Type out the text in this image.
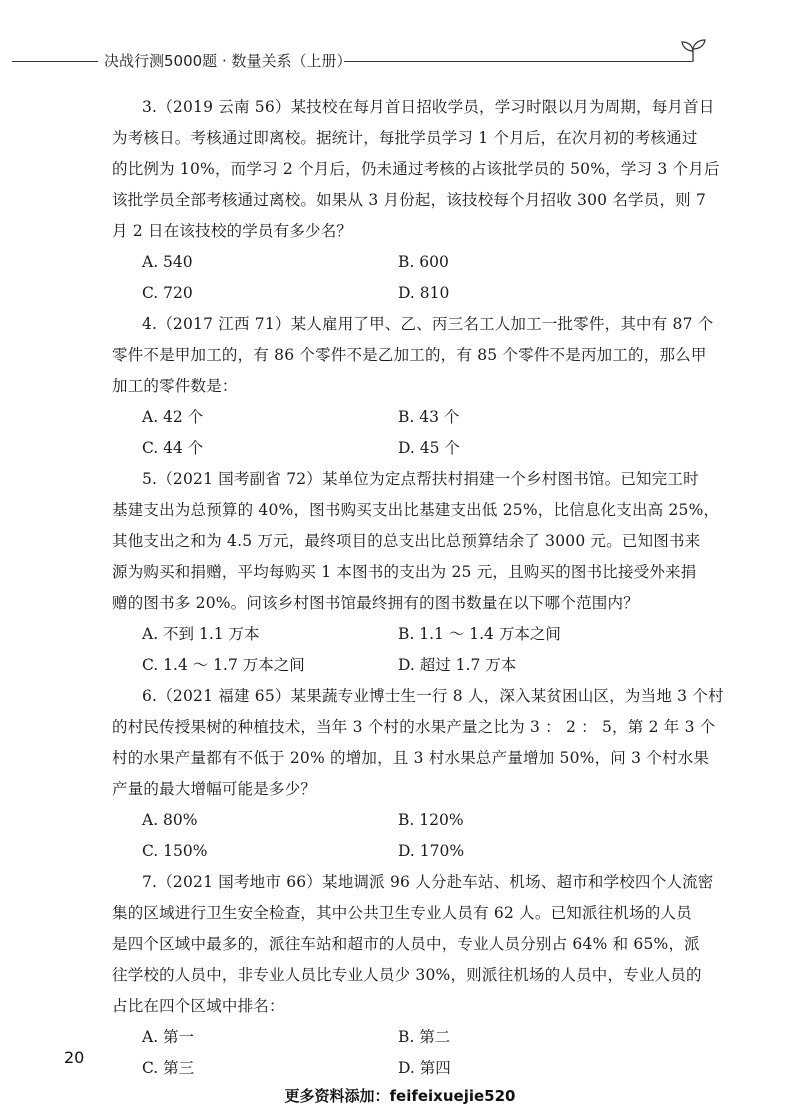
决战行测5000题 · 数量关系（上册）

3.（2019 云南 56）某技校在每月首日招收学员，学习时限以月为周期，每月首日

为考核日。考核通过即离校。据统计，每批学员学习 1 个月后，在次月初的考核通过

的比例为 10%，而学习 2 个月后，仍未通过考核的占该批学员的 50%，学习 3 个月后

该批学员全部考核通过离校。如果从 3 月份起，该技校每个月招收 300 名学员，则 7

月 2 日在该技校的学员有多少名？

A. 540	B. 600
C. 720	D. 810

4.（2017 江西 71）某人雇用了甲、乙、丙三名工人加工一批零件，其中有 87 个

零件不是甲加工的，有 86 个零件不是乙加工的，有 85 个零件不是丙加工的，那么甲

加工的零件数是：

A. 42 个	B. 43 个
C. 44 个	D. 45 个

5.（2021 国考副省 72）某单位为定点帮扶村捐建一个乡村图书馆。已知完工时

基建支出为总预算的 40%，图书购买支出比基建支出低 25%，比信息化支出高 25%，

其他支出之和为 4.5 万元，最终项目的总支出比总预算结余了 3000 元。已知图书来

源为购买和捐赠，平均每购买 1 本图书的支出为 25 元，且购买的图书比接受外来捐

赠的图书多 20%。问该乡村图书馆最终拥有的图书数量在以下哪个范围内？

A. 不到 1.1 万本	B. 1.1 ～ 1.4 万本之间
C. 1.4 ～ 1.7 万本之间	D. 超过 1.7 万本

6.（2021 福建 65）某果蔬专业博士生一行 8 人，深入某贫困山区，为当地 3 个村

的村民传授果树的种植技术，当年 3 个村的水果产量之比为 3 ： 2 ： 5，第 2 年 3 个

村的水果产量都有不低于 20% 的增加，且 3 村水果总产量增加 50%，问 3 个村水果

产量的最大增幅可能是多少？

A. 80%	B. 120%
C. 150%	D. 170%

7.（2021 国考地市 66）某地调派 96 人分赴车站、机场、超市和学校四个人流密

集的区域进行卫生安全检查，其中公共卫生专业人员有 62 人。已知派往机场的人员

是四个区域中最多的，派往车站和超市的人员中，专业人员分别占 64% 和 65%，派

往学校的人员中，非专业人员比专业人员少 30%，则派往机场的人员中，专业人员的

占比在四个区域中排名：

A. 第一	B. 第二
C. 第三	D. 第四
20
更多资料添加：feifeixuejie520
